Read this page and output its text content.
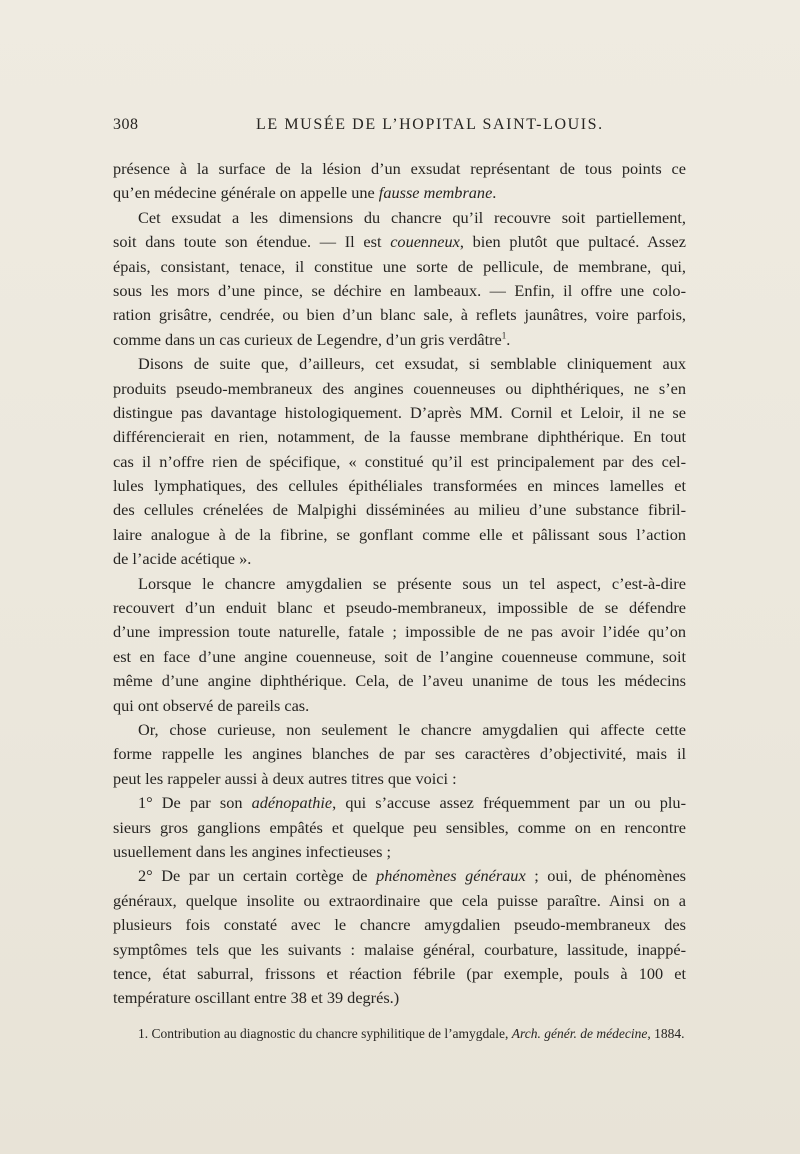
308	LE MUSÉE DE L’HOPITAL SAINT-LOUIS.
présence à la surface de la lésion d’un exsudat représentant de tous points ce
qu’en médecine générale on appelle une fausse membrane.
Cet exsudat a les dimensions du chancre qu’il recouvre soit partiellement,
soit dans toute son étendue. — Il est couenneux, bien plutôt que pultacé. Assez
épais, consistant, tenace, il constitue une sorte de pellicule, de membrane, qui,
sous les mors d’une pince, se déchire en lambeaux. — Enfin, il offre une colo-
ration grisâtre, cendrée, ou bien d’un blanc sale, à reflets jaunâtres, voire parfois,
comme dans un cas curieux de Legendre, d’un gris verdâtre$^1$.
Disons de suite que, d’ailleurs, cet exsudat, si semblable cliniquement aux
produits pseudo-membraneux des angines couenneuses ou diphthériques, ne s’en
distingue pas davantage histologiquement. D’après MM. Cornil et Leloir, il ne se
différencierait en rien, notamment, de la fausse membrane diphthérique. En tout
cas il n’offre rien de spécifique, « constitué qu’il est principalement par des cel-
lules lymphatiques, des cellules épithéliales transformées en minces lamelles et
des cellules crénelées de Malpighi disséminées au milieu d’une substance fibril-
laire analogue à de la fibrine, se gonflant comme elle et pâlissant sous l’action
de l’acide acétique ».
Lorsque le chancre amygdalien se présente sous un tel aspect, c’est-à-dire
recouvert d’un enduit blanc et pseudo-membraneux, impossible de se défendre
d’une impression toute naturelle, fatale ; impossible de ne pas avoir l’idée qu’on
est en face d’une angine couenneuse, soit de l’angine couenneuse commune, soit
même d’une angine diphthérique. Cela, de l’aveu unanime de tous les médecins
qui ont observé de pareils cas.
Or, chose curieuse, non seulement le chancre amygdalien qui affecte cette
forme rappelle les angines blanches de par ses caractères d’objectivité, mais il
peut les rappeler aussi à deux autres titres que voici :
1° De par son adénopathie, qui s’accuse assez fréquemment par un ou plu-
sieurs gros ganglions empâtés et quelque peu sensibles, comme on en rencontre
usuellement dans les angines infectieuses ;
2° De par un certain cortège de phénomènes généraux ; oui, de phénomènes
généraux, quelque insolite ou extraordinaire que cela puisse paraître. Ainsi on a
plusieurs fois constaté avec le chancre amygdalien pseudo-membraneux des
symptômes tels que les suivants : malaise général, courbature, lassitude, inappé-
tence, état saburral, frissons et réaction fébrile (par exemple, pouls à 100 et
température oscillant entre 38 et 39 degrés.)
1. Contribution au diagnostic du chancre syphilitique de l’amygdale, Arch. génér. de médecine, 1884.
